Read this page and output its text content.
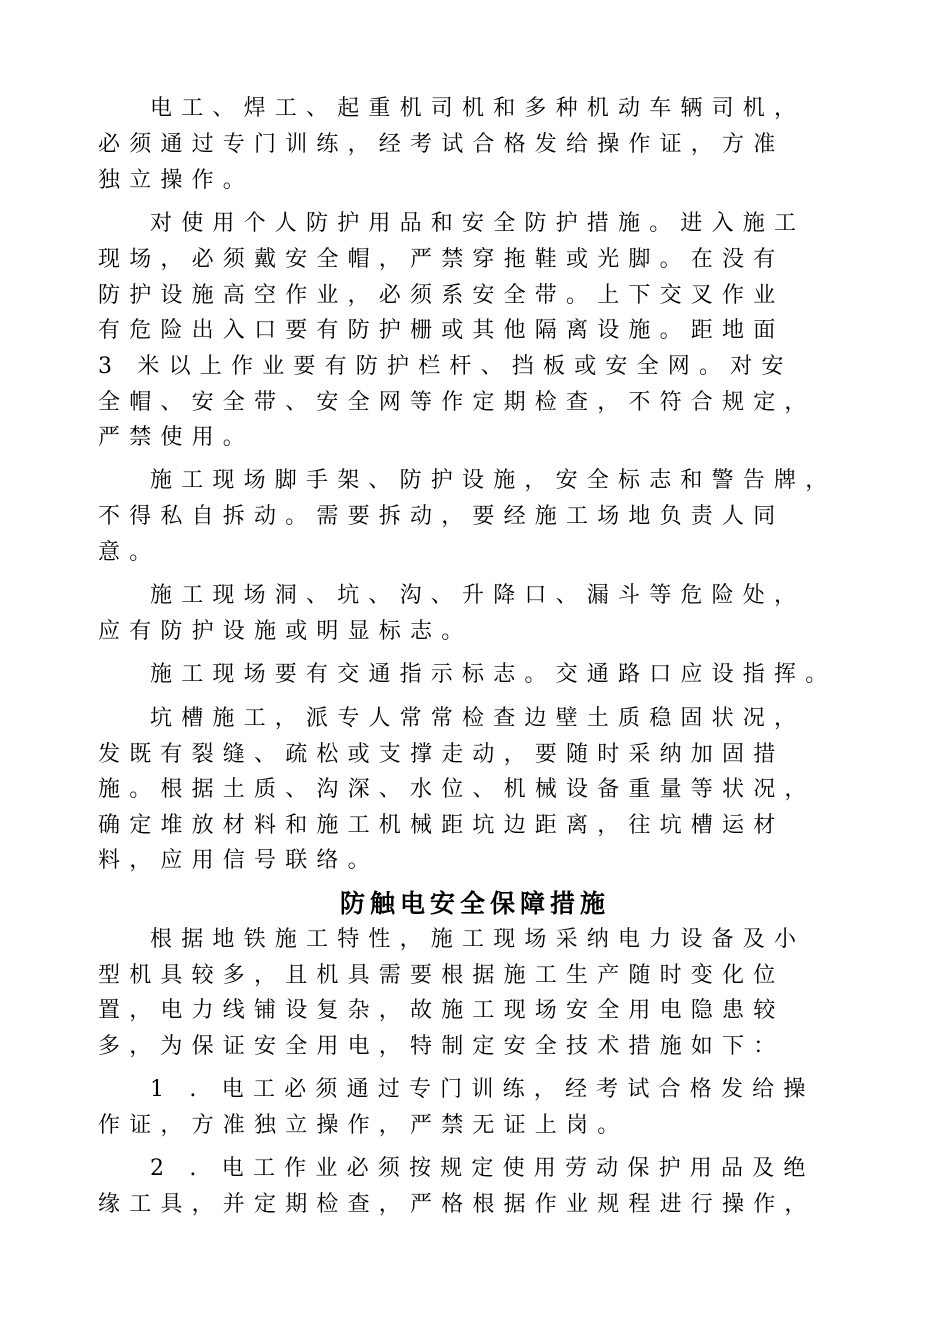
电工、焊工、起重机司机和多种机动车辆司机，
必须通过专门训练，经考试合格发给操作证，方准
独立操作。
对使用个人防护用品和安全防护措施。进入施工
现场，必须戴安全帽，严禁穿拖鞋或光脚。在没有
防护设施高空作业，必须系安全带。上下交叉作业
有危险出入口要有防护栅或其他隔离设施。距地面
3 米以上作业要有防护栏杆、挡板或安全网。对安
全帽、安全带、安全网等作定期检查，不符合规定，
严禁使用。
施工现场脚手架、防护设施，安全标志和警告牌，
不得私自拆动。需要拆动，要经施工场地负责人同
意。
施工现场洞、坑、沟、升降口、漏斗等危险处，
应有防护设施或明显标志。
施工现场要有交通指示标志。交通路口应设指挥。
坑槽施工，派专人常常检查边壁土质稳固状况，
发既有裂缝、疏松或支撑走动，要随时采纳加固措
施。根据土质、沟深、水位、机械设备重量等状况，
确定堆放材料和施工机械距坑边距离，往坑槽运材
料，应用信号联络。
防触电安全保障措施
根据地铁施工特性，施工现场采纳电力设备及小
型机具较多，且机具需要根据施工生产随时变化位
置，电力线铺设复杂，故施工现场安全用电隐患较
多，为保证安全用电，特制定安全技术措施如下：
1 . 电工必须通过专门训练，经考试合格发给操
作证，方准独立操作，严禁无证上岗。
2 . 电工作业必须按规定使用劳动保护用品及绝
缘工具，并定期检查，严格根据作业规程进行操作，
